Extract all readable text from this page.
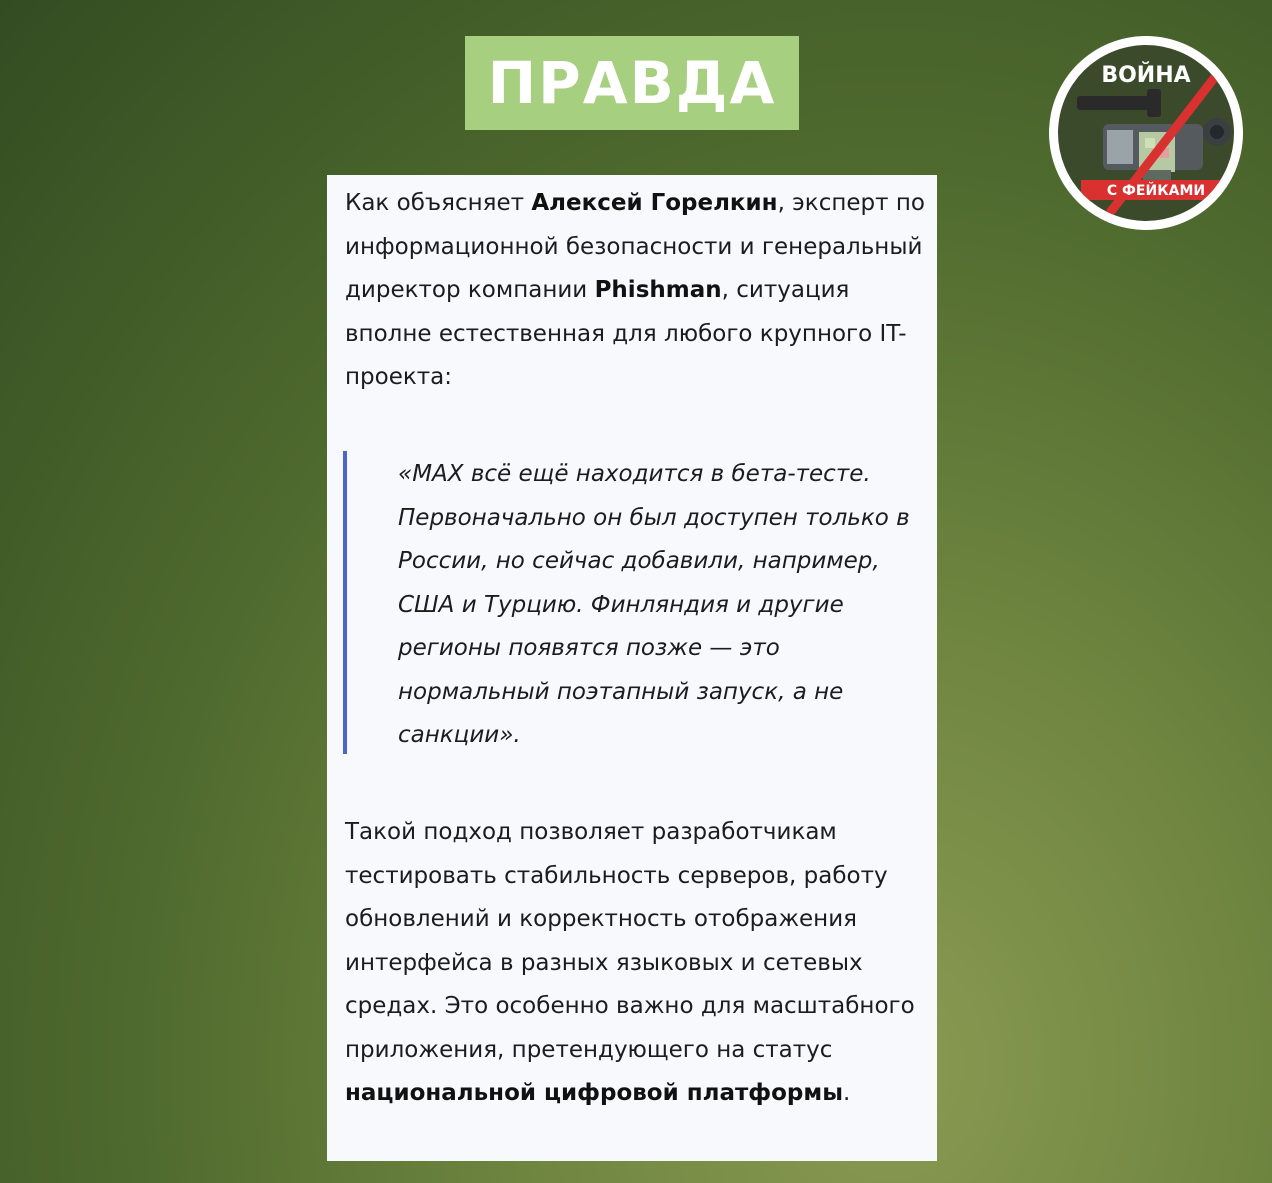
ПРАВДА	ВОЙНА
С ФЕЙКАМИ

Как объясняет Алексей Горелкин, эксперт по информационной безопасности и генеральный директор компании Phishman, ситуация вполне естественная для любого крупного IT-проекта:

«MAX всё ещё находится в бета-тесте. Первоначально он был доступен только в России, но сейчас добавили, например, США и Турцию. Финляндия и другие регионы появятся позже — это нормальный поэтапный запуск, а не санкции».

Такой подход позволяет разработчикам тестировать стабильность серверов, работу обновлений и корректность отображения интерфейса в разных языковых и сетевых средах. Это особенно важно для масштабного приложения, претендующего на статус национальной цифровой платформы.
